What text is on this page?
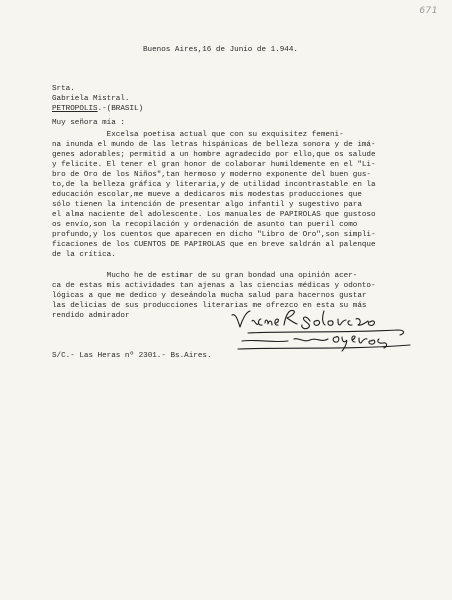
671
Buenos Aires,16 de Junio de 1.944.
Srta.
Gabriela Mistral.
PETROPOLIS.-(BRASIL)
Muy señora mía :
Excelsa poetisa actual que con su exquisitez femeni-
na inunda el mundo de las letras hispánicas de belleza sonora y de imá-
genes adorables; permitid a un hombre agradecido por ello,que os salude
y felicite. El tener el gran honor de colaborar humildemente en el "Li-
bro de Oro de los Niños",tan hermoso y moderno exponente del buen gus-
to,de la belleza gráfica y literaria,y de utilidad incontrastable en la
educación escolar,me mueve a dedicaros mis modestas producciones que
sólo tienen la intención de presentar algo infantil y sugestivo para
el alma naciente del adolescente. Los manuales de PAPIROLAS que gustoso
os envío,son la recopilación y ordenación de asunto tan pueril como
profundo,y los cuentos que aparecen en dicho "Libro de Oro",son simpli-
ficaciones de los CUENTOS DE PAPIROLAS que en breve saldrán al palenque
de la crítica.
Mucho he de estimar de su gran bondad una opinión acer-
ca de estas mis actividades tan ajenas a las ciencias médicas y odonto-
lógicas a que me dedico y deseándola mucha salud para hacernos gustar
las delicias de sus producciones literarias me ofrezco en esta su más
rendido admirador
S/C.- Las Heras nº 2301.- Bs.Aires.
